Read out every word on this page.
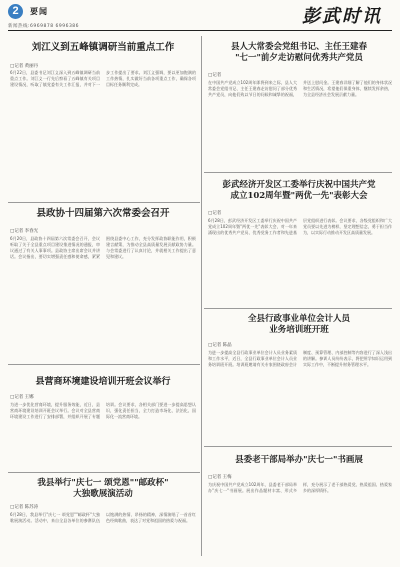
2	要闻
新闻热线:6969878 6996386	彭武时讯
刘江义到五峰镇调研当前重点工作
□记者 黄丽丹
6月22日，县委书记刘江义深入到五峰镇调研当前重点工作。刘江义一行先后察看了五峰镇有关项目建设情况，听取了镇党委有关工作汇报，并对下一步工作提出了要求。刘江义强调，要以更加饱满的工作热情，扎实做好当前各项重点工作，确保各项目标任务顺利完成。
县人大常委会党组书记、主任王建春
"七一"前夕走访慰问优秀共产党员
□记者
在中国共产党成立102周年即将到来之际，县人大常委会党组书记、主任王建春走访慰问了部分优秀共产党员，向他们致以节日的问候和诚挚的祝福，并送上慰问金。王建春详细了解了他们的身体状况和生活情况，希望他们保重身体，继续发挥余热，为全县经济社会发展贡献力量。
县政协十四届第六次常委会召开
□记者 李春光
6月20日，县政协十四届第六次常委会召开，会议听取了关于全县重点项目建设推进情况的通报，审议通过了有关人事事项。县政协主席出席会议并讲话。会议指出，要切实增强责任感和使命感，紧紧围绕县委中心工作，充分发挥政协职能作用，积极建言献策，为推动全县高质量发展贡献政协力量。与会常委进行了认真讨论，并就相关工作提出了意见和建议。
彭武经济开发区工委举行庆祝中国共产党
成立102周年暨"两优一先"表彰大会
□记者
6月28日，彭武经济开发区工委举行庆祝中国共产党成立102周年暨"两优一先"表彰大会，对一年来涌现出的优秀共产党员、优秀党务工作者和先进基层党组织进行表彰。会议要求，各级党组织和广大党员要以先进为榜样，坚定理想信念，勇于担当作为，以实际行动推动开发区高质量发展。
全县行政事业单位会计人员
业务培训班开班
□记者 陈晶
为进一步提高全县行政事业单位会计人员业务素质和工作水平，近日，全县行政事业单位会计人员业务培训班开班。培训班邀请有关专家围绕政府会计制度、预算管理、内部控制等内容进行了深入浅出的讲解。参训人员纷纷表示，将把所学知识运用到实际工作中，不断提升财务管理水平。
县营商环境建设培训开班会议举行
□记者 王娜
为进一步优化营商环境，提升服务效能，近日，县营商环境建设培训开班会议举行。会议对全县营商环境建设工作进行了安排部署，并组织开展了专题培训。会议要求，各相关部门要进一步提高思想认识，强化责任担当，全力打造市场化、法治化、国际化一流营商环境。
县委老干部局举办"庆七一"书画展
□记者 王梅
为庆祝中国共产党成立102周年，县委老干部局举办"庆七一"书画展。展出作品题材丰富、形式多样，充分展示了老干部热爱党、热爱祖国、热爱家乡的深厚情怀。
我县举行"庆七一 颂党恩""邮政杯"
大独歌展演活动
□记者 陈苏涛
6月28日，我县举行"庆七一 颂党恩""邮政杯"大独歌展演活动。活动中，来自全县各单位的参赛队伍以饱满的热情、昂扬的精神，深情演唱了一首首红色经典歌曲，表达了对党和祖国的热爱与祝福。
